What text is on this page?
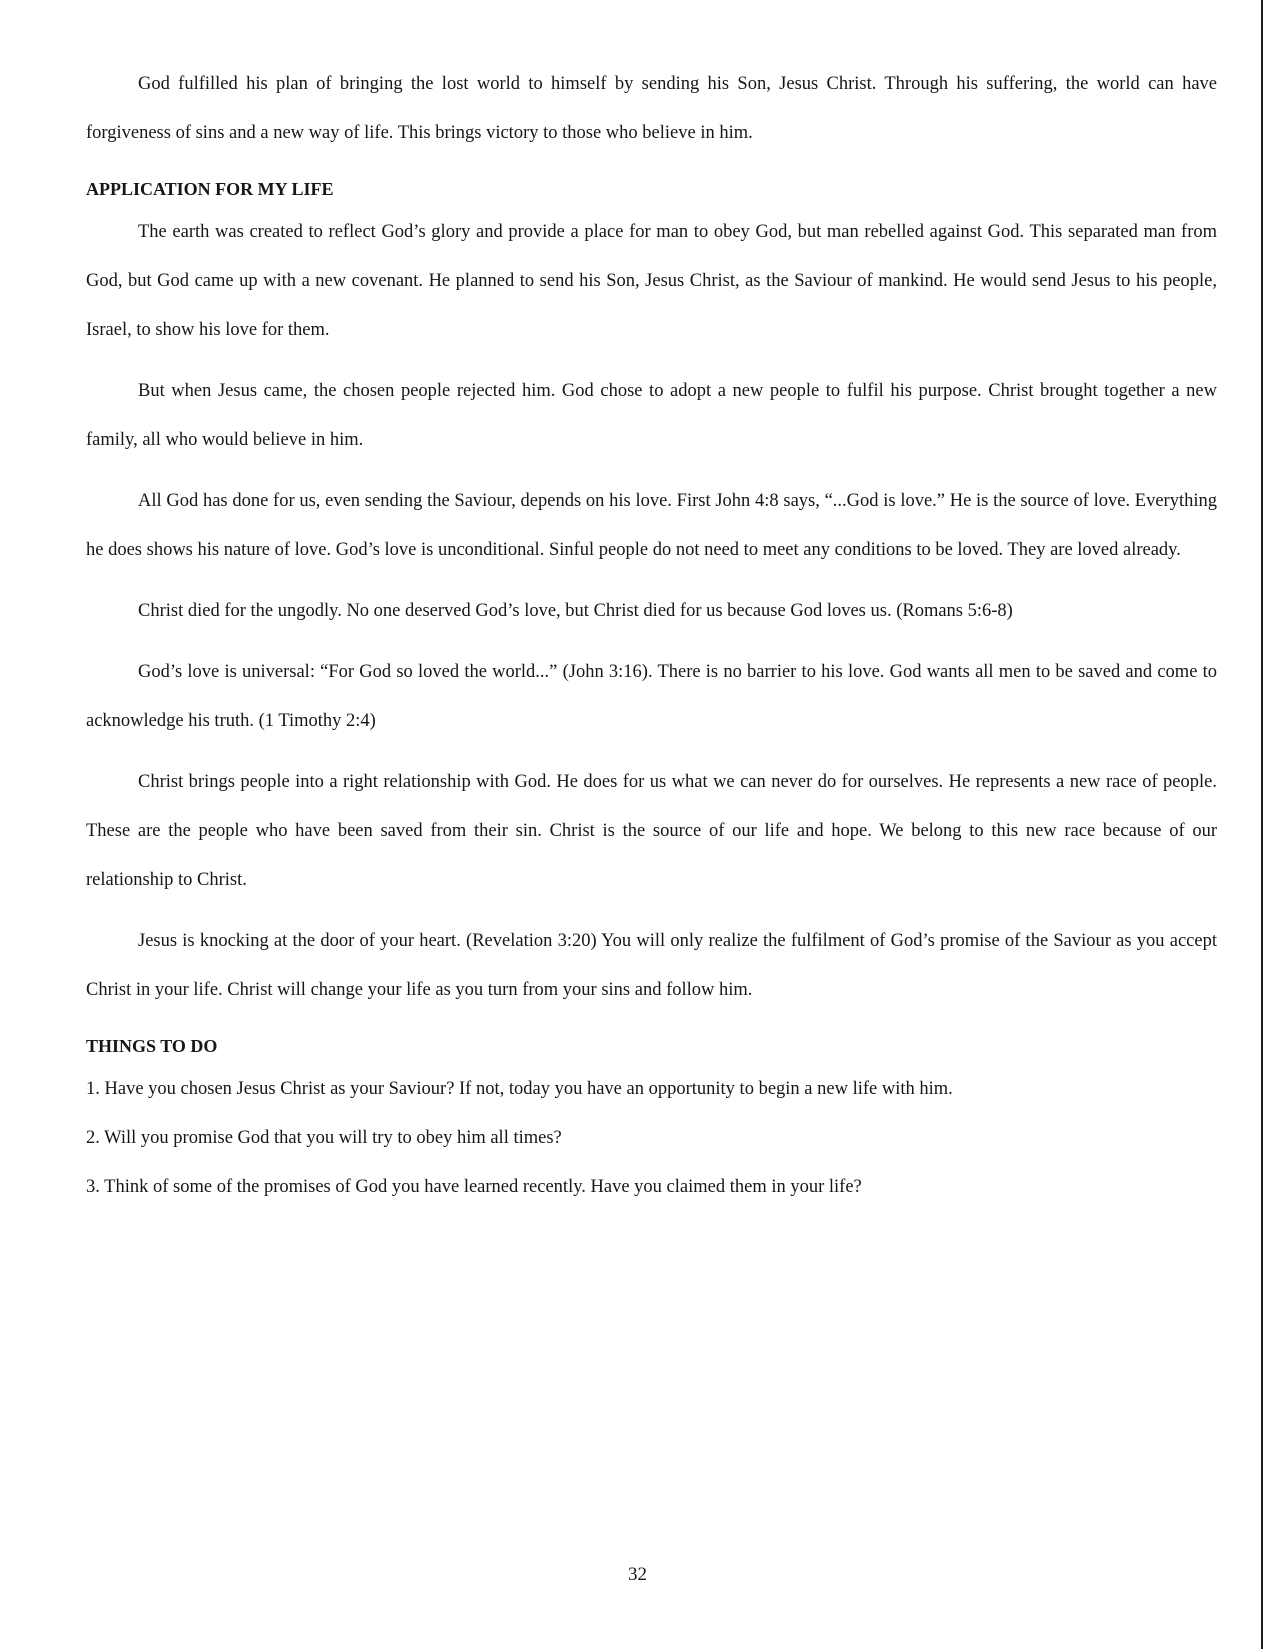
God fulfilled his plan of bringing the lost world to himself by sending his Son, Jesus Christ. Through his suffering, the world can have forgiveness of sins and a new way of life. This brings victory to those who believe in him.

APPLICATION FOR MY LIFE

The earth was created to reflect God’s glory and provide a place for man to obey God, but man rebelled against God. This separated man from God, but God came up with a new covenant. He planned to send his Son, Jesus Christ, as the Saviour of mankind. He would send Jesus to his people, Israel, to show his love for them.

But when Jesus came, the chosen people rejected him. God chose to adopt a new people to fulfil his purpose. Christ brought together a new family, all who would believe in him.

All God has done for us, even sending the Saviour, depends on his love. First John 4:8 says, “...God is love.” He is the source of love. Everything he does shows his nature of love. God’s love is unconditional. Sinful people do not need to meet any conditions to be loved. They are loved already.

Christ died for the ungodly. No one deserved God’s love, but Christ died for us because God loves us. (Romans 5:6-8)

God’s love is universal: “For God so loved the world...” (John 3:16). There is no barrier to his love. God wants all men to be saved and come to acknowledge his truth. (1 Timothy 2:4)

Christ brings people into a right relationship with God. He does for us what we can never do for ourselves. He represents a new race of people. These are the people who have been saved from their sin. Christ is the source of our life and hope. We belong to this new race because of our relationship to Christ.

Jesus is knocking at the door of your heart. (Revelation 3:20) You will only realize the fulfilment of God’s promise of the Saviour as you accept Christ in your life. Christ will change your life as you turn from your sins and follow him.

THINGS TO DO

1. Have you chosen Jesus Christ as your Saviour? If not, today you have an opportunity to begin a new life with him.

2. Will you promise God that you will try to obey him all times?

3. Think of some of the promises of God you have learned recently. Have you claimed them in your life?

32
